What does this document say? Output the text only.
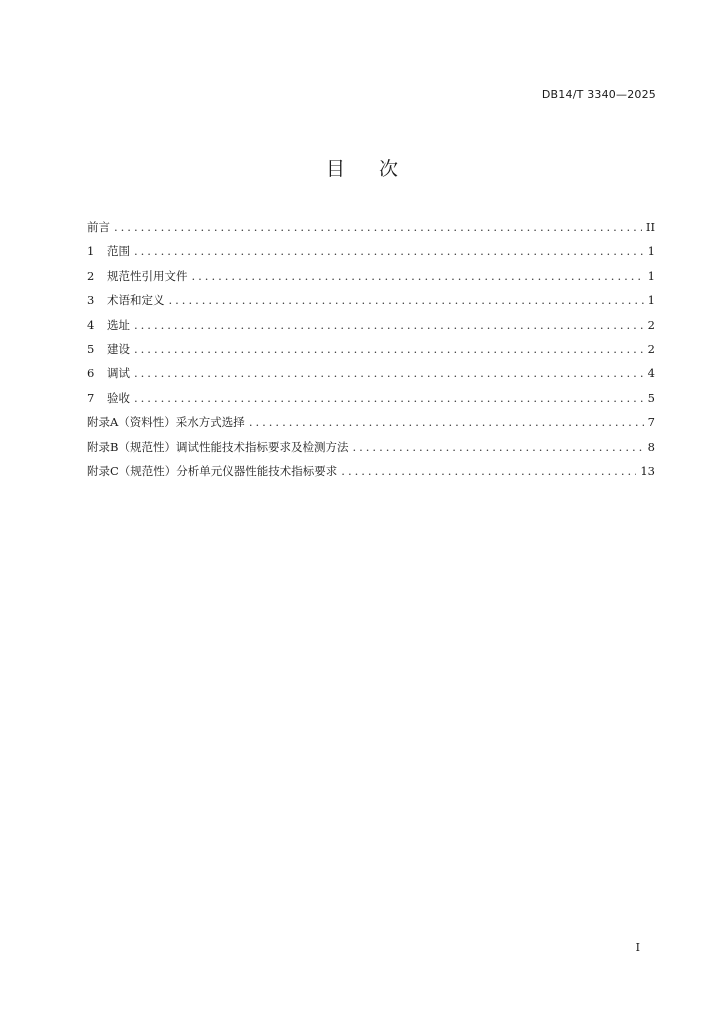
DB14/T 3340—2025
目次
前言 .....	II
1	范围 .....	1
2	规范性引用文件 .....	1
3	术语和定义 .....	1
4	选址 .....	2
5	建设 .....	2
6	调试 .....	4
7	验收 .....	5
附录A（资料性）采水方式选择 .....	7
附录B（规范性）调试性能技术指标要求及检测方法 .....	8
附录C（规范性）分析单元仪器性能技术指标要求 .....	13
I
